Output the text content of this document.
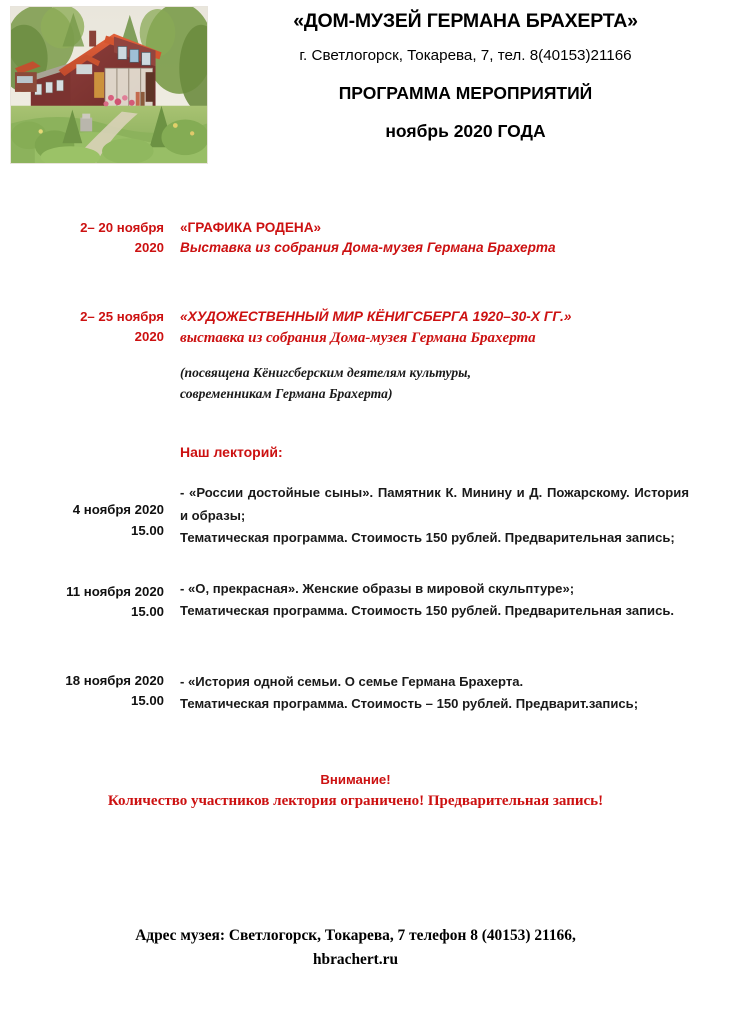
«ДОМ-МУЗЕЙ ГЕРМАНА БРАХЕРТА»
г. Светлогорск, Токарева, 7, тел. 8(40153)21166
ПРОГРАММА МЕРОПРИЯТИЙ
ноябрь 2020 ГОДА
2– 20 ноября
2020
«ГРАФИКА РОДЕНА»
Выставка из собрания Дома-музея Германа Брахерта
2– 25 ноября
2020
«ХУДОЖЕСТВЕННЫЙ МИР КЁНИГСБЕРГА 1920–30-Х ГГ.»
выставка из собрания Дома-музея Германа Брахерта
(посвящена Кёнигсберским деятелям культуры,
современникам Германа Брахерта)
Наш лекторий:
4 ноября 2020
15.00
- «России достойные сыны». Памятник К. Минину и Д. Пожарскому. История и образы;
Тематическая программа. Стоимость 150 рублей. Предварительная запись;
11 ноября 2020
15.00
- «О, прекрасная». Женские образы в мировой скульптуре»;
Тематическая программа. Стоимость 150 рублей. Предварительная запись.
18 ноября 2020
15.00
- «История одной семьи. О семье Германа Брахерта.
Тематическая программа. Стоимость – 150 рублей. Предварит.запись;
Внимание!
Количество участников лектория ограничено! Предварительная запись!
Адрес музея: Светлогорск, Токарева, 7 телефон 8 (40153) 21166,
hbrachert.ru
